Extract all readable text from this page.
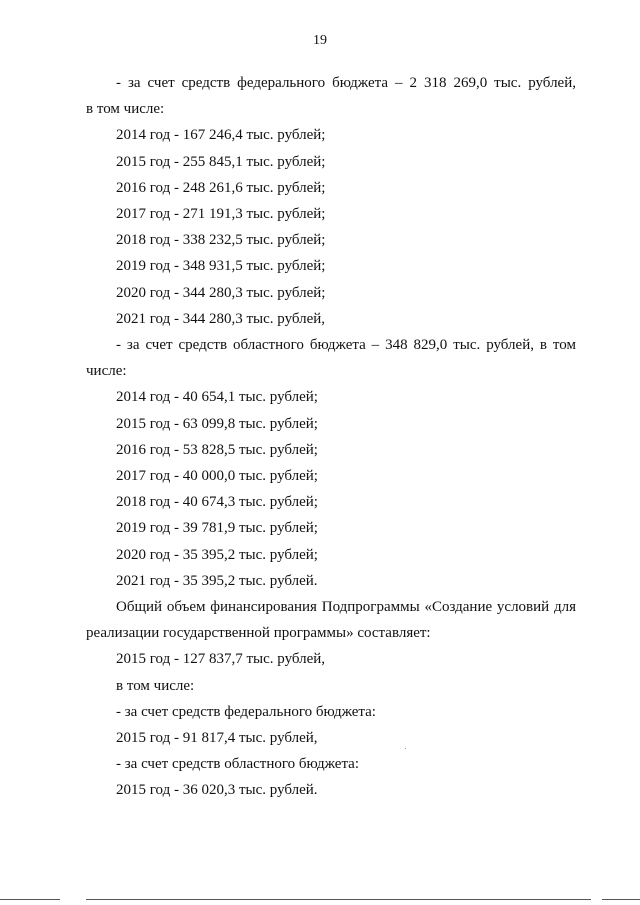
19

- за счет средств федерального бюджета – 2 318 269,0 тыс. рублей,

в том числе:

2014 год - 167 246,4 тыс. рублей;

2015 год - 255 845,1 тыс. рублей;

2016 год - 248 261,6 тыс. рублей;

2017 год - 271 191,3 тыс. рублей;

2018 год - 338 232,5 тыс. рублей;

2019 год - 348 931,5 тыс. рублей;

2020 год - 344 280,3 тыс. рублей;

2021 год - 344 280,3 тыс. рублей,

- за счет средств областного бюджета – 348 829,0 тыс. рублей, в том

числе:

2014 год - 40 654,1 тыс. рублей;

2015 год - 63 099,8 тыс. рублей;

2016 год - 53 828,5 тыс. рублей;

2017 год - 40 000,0 тыс. рублей;

2018 год - 40 674,3 тыс. рублей;

2019 год - 39 781,9 тыс. рублей;

2020 год - 35 395,2 тыс. рублей;

2021 год - 35 395,2 тыс. рублей.

Общий объем финансирования Подпрограммы «Создание условий для

реализации государственной программы» составляет:

2015 год - 127 837,7 тыс. рублей,

в том числе:

- за счет средств федерального бюджета:

2015 год - 91 817,4 тыс. рублей,

- за счет средств областного бюджета:

2015 год - 36 020,3 тыс. рублей.
